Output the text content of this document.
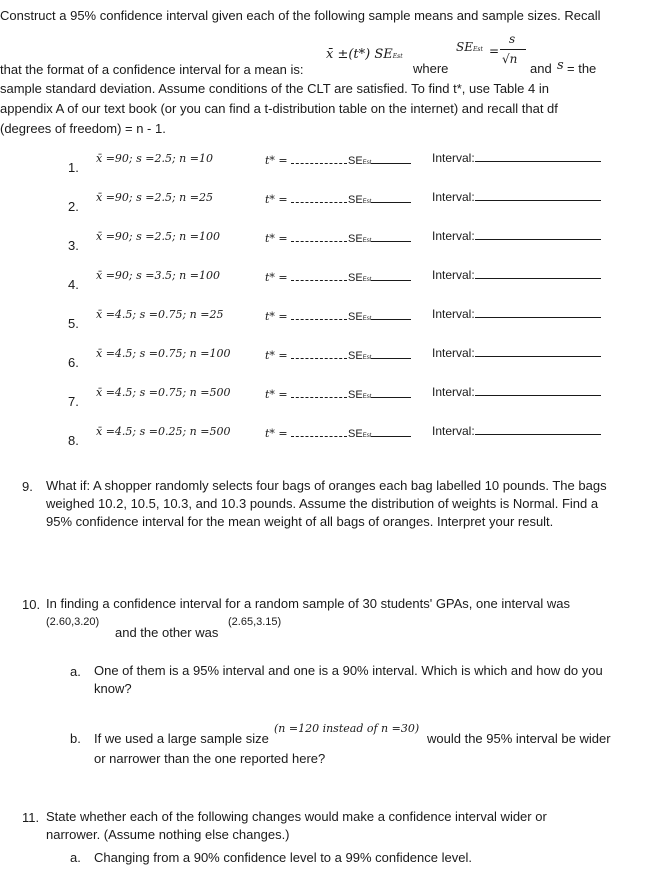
Construct a 95% confidence interval given each of the following sample means and sample sizes. Recall
x̄ ±(t*) SEEst
where
SEEst =
s
√n
and s = the
that the format of a confidence interval for a mean is:
sample standard deviation. Assume conditions of the CLT are satisfied. To find t*, use Table 4 in
appendix A of our text book (or you can find a t-distribution table on the internet) and recall that df
(degrees of freedom) = n - 1.
1.
x̄ =90; s =2.5; n =10	t* =	SEEst	Interval:
2.
x̄ =90; s =2.5; n =25	t* =	SEEst	Interval:
3.
x̄ =90; s =2.5; n =100	t* =	SEEst	Interval:
4.
x̄ =90; s =3.5; n =100	t* =	SEEst	Interval:
5.
x̄ =4.5; s =0.75; n =25	t* =	SEEst	Interval:
6.
x̄ =4.5; s =0.75; n =100	t* =	SEEst	Interval:
7.
x̄ =4.5; s =0.75; n =500	t* =	SEEst	Interval:
8.
x̄ =4.5; s =0.25; n =500	t* =	SEEst	Interval:
9. What if: A shopper randomly selects four bags of oranges each bag labelled 10 pounds. The bags weighed 10.2, 10.5, 10.3, and 10.3 pounds. Assume the distribution of weights is Normal. Find a 95% confidence interval for the mean weight of all bags of oranges. Interpret your result.
10. In finding a confidence interval for a random sample of 30 students' GPAs, one interval was
(2.60,3.20)
and the other was
(2.65,3.15)
a. One of them is a 95% interval and one is a 90% interval. Which is which and how do you know?
b. If we used a large sample size
(n =120 instead of n =30)
would the 95% interval be wider
or narrower than the one reported here?
11. State whether each of the following changes would make a confidence interval wider or narrower. (Assume nothing else changes.)
a. Changing from a 90% confidence level to a 99% confidence level.
